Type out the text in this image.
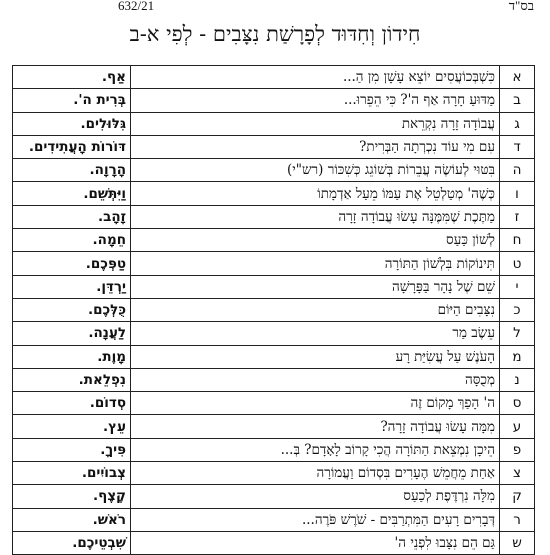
632/21	בס"ד
חִידוֹן וְחִדּוּד לְפָרָשַׁת נִצָּבִים - לְפִי א-ב
א	כִּשְׁבְּכוֹעֲסִים יוֹצֵא עָשָׁן מִן הַ...	אַף.
ב	מַדּוּעַ חָרָה אַף ה'? כִּי הֵפֵרוּ...	בְּרִית ה'.
ג	עֲבוֹדָה זָרָה נִקְרֵאת	גִּלּוּלִים.
ד	עִם מִי עוֹד נִכְרְתָה הַבְּרִית?	דּוֹרוֹת הָעֲתִידִים.
ה	בִּטּוּי לְעוֹשֶׂה עֲבֵרוֹת בְּשׁוֹגֵג כְּשִׁכּוֹר (רש"י)	הָרָוָה.
ו	כְּשֶׁה' מְטַלְטֵל אֶת עַמּוֹ מֵעַל אַדְמָתוֹ	וַיִּתְּשֵׁם.
ז	מַתֶּכֶת שֶׁמִּמֶּנָּה עָשׂוּ עֲבוֹדָה זָרָה	זָהָב.
ח	לְשׁוֹן כַּעַס	חֵמָה.
ט	תִּינוֹקוֹת בִּלְשׁוֹן הַתּוֹרָה	טַפְּכֶם.
י	שֵׁם שֶׁל נָהָר בַּפָּרָשָׁה	יַרְדֵּן.
כ	נִצָּבִים הַיּוֹם	כֻּלְּכֶם.
ל	עֵשֶׂב מַר	לַעֲנָה.
מ	הָעֹנֶשׁ עַל עֲשִׂיַּת רָע	מָוֶת.
נ	מְכֻסָּה	נִפְלֵאת.
ס	ה' הָפַךְ מָקוֹם זֶה	סְדוֹם.
ע	מִמָּה עָשׂוּ עֲבוֹדָה זָרָה?	עֵץ.
פ	הֵיכָן נִמְצֵאת הַתּוֹרָה הֲכִי קָרוֹב לָאָדָם? בְּ...	פִּיךָ.
צ	אַחַת מֵחֲמֵשׁ הֶעָרִים בִּסְדוֹם וַעֲמוֹרָה	צְבוֹיִים.
ק	מִלָּה נִרְדֶּפֶת לְכַעַס	קֶצֶף.
ר	דְּבָרִים רָעִים הַמִּתְרַבִּים - שֹׁרֶשׁ פֹּרֶה...	רֹאשׁ.
ש	גַּם הֵם נִצָּבוּ לִפְנֵי ה'	שִׁבְטֵיכֶם.
